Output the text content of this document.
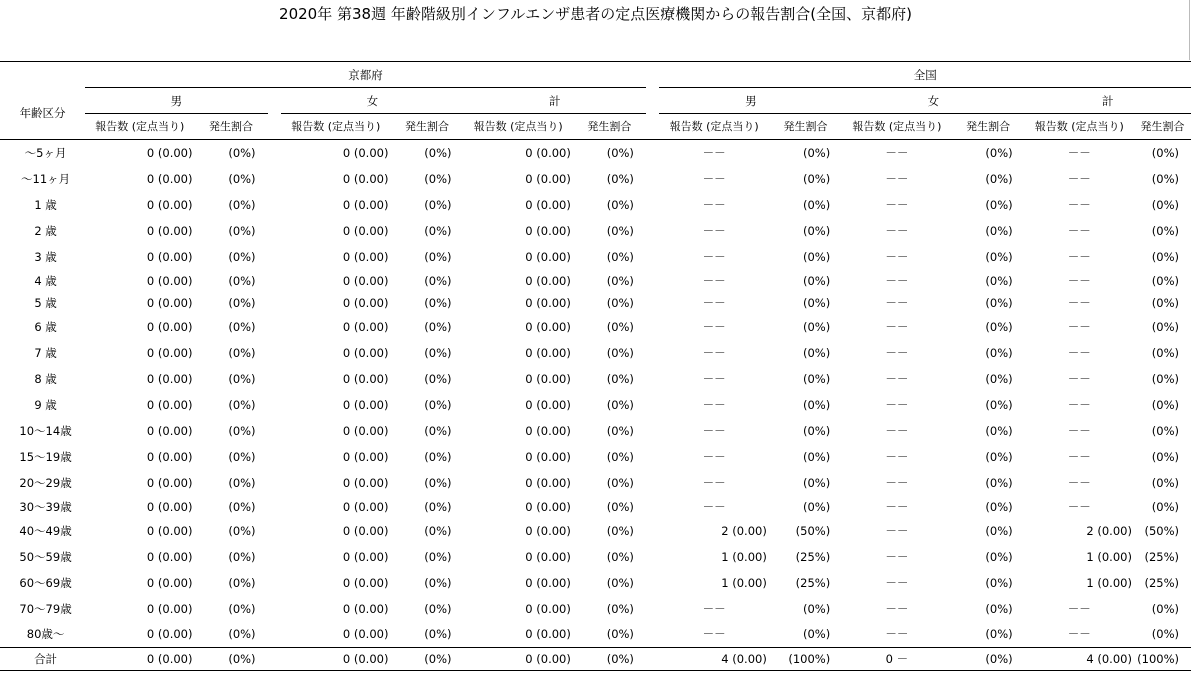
2020年 第38週 年齢階級別インフルエンザ患者の定点医療機関からの報告割合(全国、京都府)
	京都府								全国					
年齢区分	男			女		計			男		女		計	
	報告数 (定点当り)	発生割合		報告数 (定点当り)	発生割合		報告数 (定点当り)	発生割合		報告数 (定点当り)	発生割合		報告数 (定点当り)	発生割合		報告数 (定点当り)	発生割合
～5ヶ月	0 (0.00)	(0%)		0 (0.00)	(0%)		0 (0.00)	(0%)		－－	(0%)		－－	(0%)		－－	(0%)
～11ヶ月	0 (0.00)	(0%)		0 (0.00)	(0%)		0 (0.00)	(0%)		－－	(0%)		－－	(0%)		－－	(0%)
1 歳	0 (0.00)	(0%)		0 (0.00)	(0%)		0 (0.00)	(0%)		－－	(0%)		－－	(0%)		－－	(0%)
2 歳	0 (0.00)	(0%)		0 (0.00)	(0%)		0 (0.00)	(0%)		－－	(0%)		－－	(0%)		－－	(0%)
3 歳	0 (0.00)	(0%)		0 (0.00)	(0%)		0 (0.00)	(0%)		－－	(0%)		－－	(0%)		－－	(0%)
4 歳	0 (0.00)	(0%)		0 (0.00)	(0%)		0 (0.00)	(0%)		－－	(0%)		－－	(0%)		－－	(0%)
5 歳	0 (0.00)	(0%)		0 (0.00)	(0%)		0 (0.00)	(0%)		－－	(0%)		－－	(0%)		－－	(0%)
6 歳	0 (0.00)	(0%)		0 (0.00)	(0%)		0 (0.00)	(0%)		－－	(0%)		－－	(0%)		－－	(0%)
7 歳	0 (0.00)	(0%)		0 (0.00)	(0%)		0 (0.00)	(0%)		－－	(0%)		－－	(0%)		－－	(0%)
8 歳	0 (0.00)	(0%)		0 (0.00)	(0%)		0 (0.00)	(0%)		－－	(0%)		－－	(0%)		－－	(0%)
9 歳	0 (0.00)	(0%)		0 (0.00)	(0%)		0 (0.00)	(0%)		－－	(0%)		－－	(0%)		－－	(0%)
10～14歳	0 (0.00)	(0%)		0 (0.00)	(0%)		0 (0.00)	(0%)		－－	(0%)		－－	(0%)		－－	(0%)
15～19歳	0 (0.00)	(0%)		0 (0.00)	(0%)		0 (0.00)	(0%)		－－	(0%)		－－	(0%)		－－	(0%)
20～29歳	0 (0.00)	(0%)		0 (0.00)	(0%)		0 (0.00)	(0%)		－－	(0%)		－－	(0%)		－－	(0%)
30～39歳	0 (0.00)	(0%)		0 (0.00)	(0%)		0 (0.00)	(0%)		－－	(0%)		－－	(0%)		－－	(0%)
40～49歳	0 (0.00)	(0%)		0 (0.00)	(0%)		0 (0.00)	(0%)		2 (0.00)	(50%)		－－	(0%)		2 (0.00)	(50%)
50～59歳	0 (0.00)	(0%)		0 (0.00)	(0%)		0 (0.00)	(0%)		1 (0.00)	(25%)		－－	(0%)		1 (0.00)	(25%)
60～69歳	0 (0.00)	(0%)		0 (0.00)	(0%)		0 (0.00)	(0%)		1 (0.00)	(25%)		－－	(0%)		1 (0.00)	(25%)
70～79歳	0 (0.00)	(0%)		0 (0.00)	(0%)		0 (0.00)	(0%)		－－	(0%)		－－	(0%)		－－	(0%)
80歳～	0 (0.00)	(0%)		0 (0.00)	(0%)		0 (0.00)	(0%)		－－	(0%)		－－	(0%)		－－	(0%)
合計	0 (0.00)	(0%)		0 (0.00)	(0%)		0 (0.00)	(0%)		4 (0.00)	(100%)		0 －	(0%)		4 (0.00)	(100%)
